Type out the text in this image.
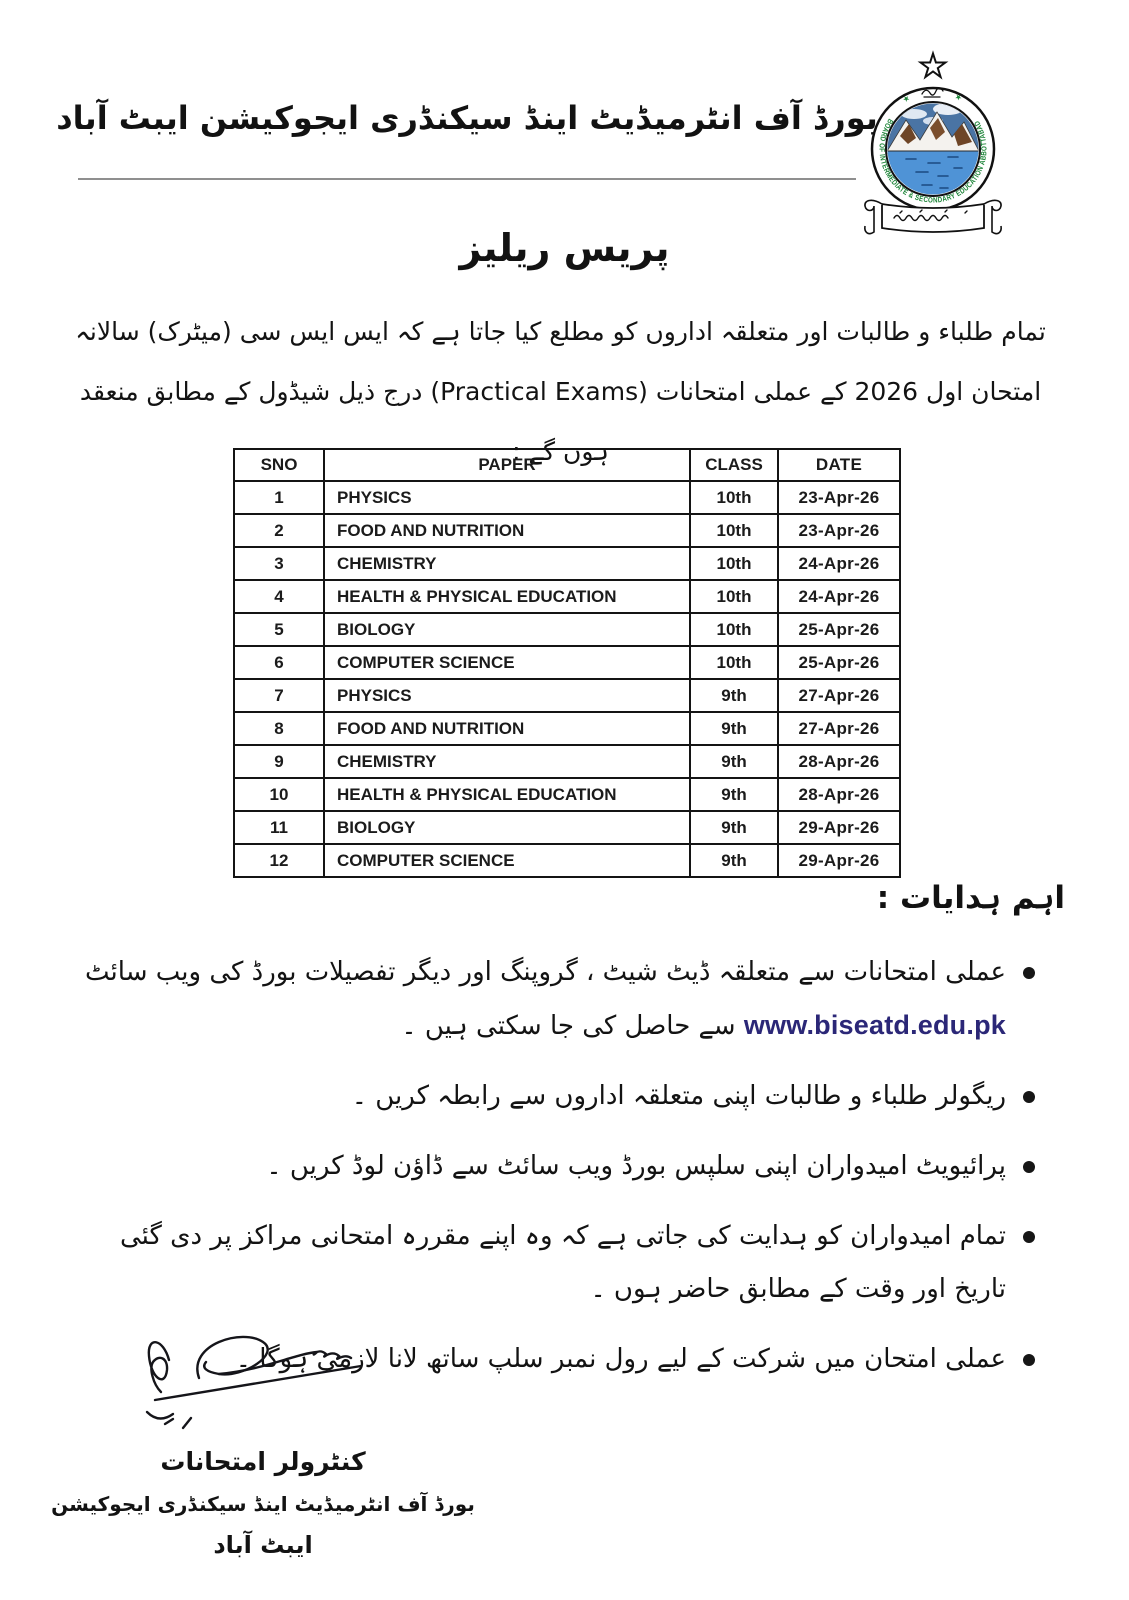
بورڈ آف انٹرمیڈیٹ اینڈ سیکنڈری ایجوکیشن ایبٹ آباد BOARD OF INTERMEDIATE & SECONDARY EDUCATION ABBOTTABAD
★	★
پریس ریلیز
تمام طلباء و طالبات اور متعلقہ اداروں کو مطلع کیا جاتا ہے کہ ایس ایس سی (میٹرک) سالانہ امتحان اول 2026 کے عملی امتحانات (Practical Exams) درج ذیل شیڈول کے مطابق منعقد ہوں گے :
SNO	PAPER	CLASS	DATE
1	PHYSICS	10th	23-Apr-26
2	FOOD AND NUTRITION	10th	23-Apr-26
3	CHEMISTRY	10th	24-Apr-26
4	HEALTH & PHYSICAL EDUCATION	10th	24-Apr-26
5	BIOLOGY	10th	25-Apr-26
6	COMPUTER SCIENCE	10th	25-Apr-26
7	PHYSICS	9th	27-Apr-26
8	FOOD AND NUTRITION	9th	27-Apr-26
9	CHEMISTRY	9th	28-Apr-26
10	HEALTH & PHYSICAL EDUCATION	9th	28-Apr-26
11	BIOLOGY	9th	29-Apr-26
12	COMPUTER SCIENCE	9th	29-Apr-26
اہم ہدایات :
عملی امتحانات سے متعلقہ ڈیٹ شیٹ ، گروپنگ اور دیگر تفصیلات بورڈ کی ویب سائٹ www.biseatd.edu.pk سے حاصل کی جا سکتی ہیں ۔
ریگولر طلباء و طالبات اپنی متعلقہ اداروں سے رابطہ کریں ۔
پرائیویٹ امیدواران اپنی سلپس بورڈ ویب سائٹ سے ڈاؤن لوڈ کریں ۔
تمام امیدواران کو ہدایت کی جاتی ہے کہ وہ اپنے مقررہ امتحانی مراکز پر دی گئی تاریخ اور وقت کے مطابق حاضر ہوں ۔
عملی امتحان میں شرکت کے لیے رول نمبر سلپ ساتھ لانا لازمی ہوگا ۔
کنٹرولر امتحانات
بورڈ آف انٹرمیڈیٹ اینڈ سیکنڈری ایجوکیشن
ایبٹ آباد
